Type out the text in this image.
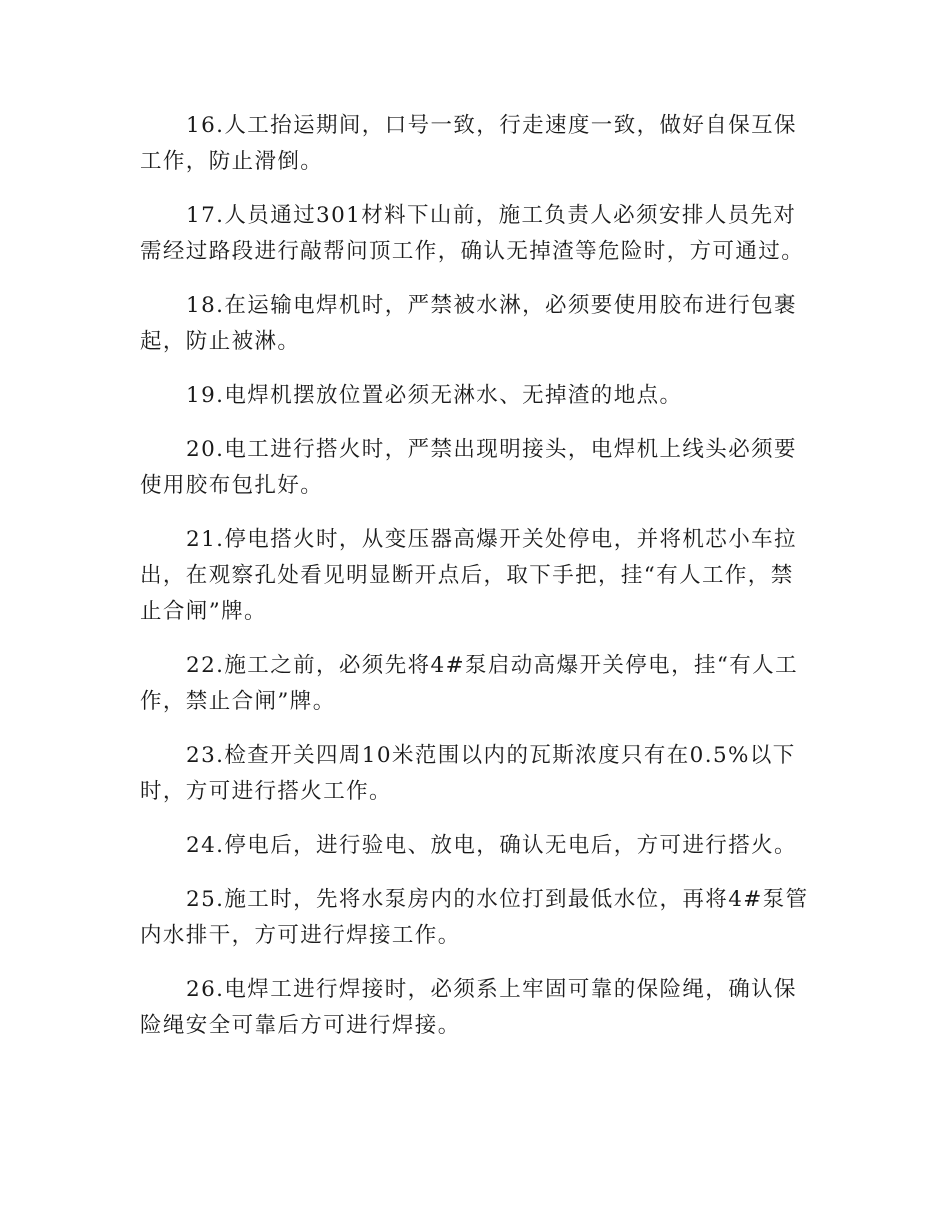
16.人工抬运期间，口号一致，行走速度一致，做好自保互保工作，防止滑倒。

17.人员通过301材料下山前，施工负责人必须安排人员先对需经过路段进行敲帮问顶工作，确认无掉渣等危险时，方可通过。

18.在运输电焊机时，严禁被水淋，必须要使用胶布进行包裹起，防止被淋。

19.电焊机摆放位置必须无淋水、无掉渣的地点。

20.电工进行搭火时，严禁出现明接头，电焊机上线头必须要使用胶布包扎好。

21.停电搭火时，从变压器高爆开关处停电，并将机芯小车拉出，在观察孔处看见明显断开点后，取下手把，挂“有人工作，禁止合闸”牌。

22.施工之前，必须先将4#泵启动高爆开关停电，挂“有人工作，禁止合闸”牌。

23.检查开关四周10米范围以内的瓦斯浓度只有在0.5%以下时，方可进行搭火工作。

24.停电后，进行验电、放电，确认无电后，方可进行搭火。

25.施工时，先将水泵房内的水位打到最低水位，再将4#泵管内水排干，方可进行焊接工作。

26.电焊工进行焊接时，必须系上牢固可靠的保险绳，确认保险绳安全可靠后方可进行焊接。
